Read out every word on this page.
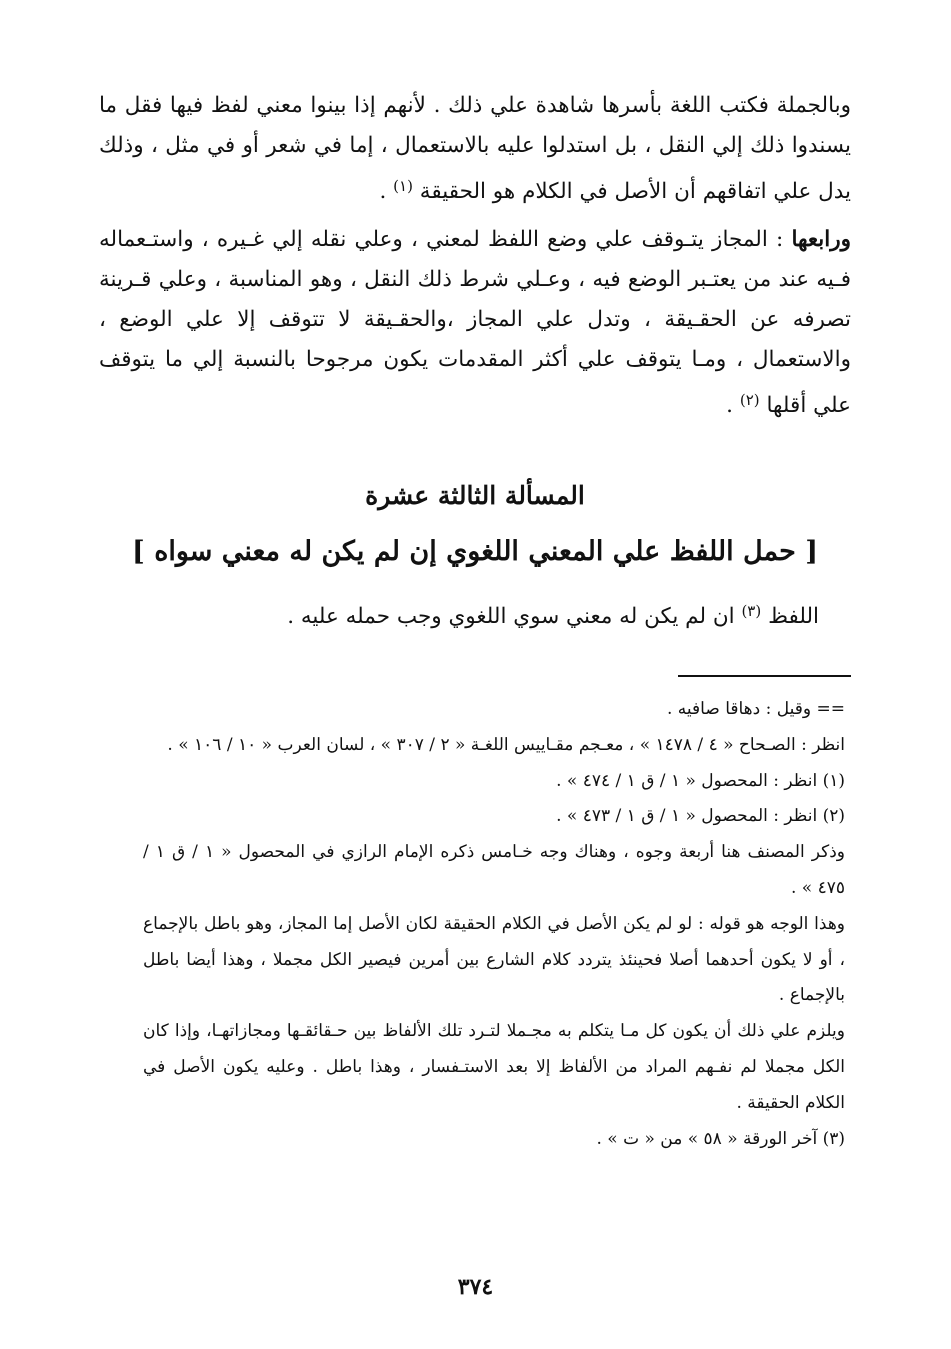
وبالجملة فكتب اللغة بأسرها شاهدة علي ذلك . لأنهم إذا بينوا معني لفظ فيها فقل ما يسندوا ذلك إلي النقل ، بل استدلوا عليه بالاستعمال ، إما في شعر أو في مثل ، وذلك يدل علي اتفاقهم أن الأصل في الكلام هو الحقيقة $^{(١)}$ .

ورابعها : المجاز يتـوقف علي وضع اللفظ لمعني ، وعلي نقله إلي غـيره ، واستـعماله فـيه عند من يعتـبر الوضع فيه ، وعـلي شرط ذلك النقل ، وهو المناسبة ، وعلي قـرينة تصرفه عن الحقـيقة ، وتدل علي المجاز ،والحقـيقة لا تتوقف إلا علي الوضع ، والاستعمال ، ومـا يتوقف علي أكثر المقدمات يكون مرجوحا بالنسبة إلي ما يتوقف علي أقلها $^{(٢)}$ .

المسألة الثالثة عشرة
[ حمل اللفظ علي المعني اللغوي إن لم يكن له معني سواه ]
اللفظ $^{(٣)}$ ان لم يكن له معني سوي اللغوي وجب حمله عليه .

== وقيل : دهاقا صافيه .

انظر : الصـحاح « ٤ / ١٤٧٨ » ، معـجم مقـاييس اللغـة « ٢ / ٣٠٧ » ، لسان العرب « ١٠ / ١٠٦ » .

(١) انظر : المحصول « ١ / ق ١ / ٤٧٤ » .

(٢) انظر : المحصول « ١ / ق ١ / ٤٧٣ » .

وذكر المصنف هنا أربعة وجوه ، وهناك وجه خـامس ذكره الإمام الرازي في المحصول « ١ / ق ١ / ٤٧٥ » .

وهذا الوجه هو قوله : لو لم يكن الأصل في الكلام الحقيقة لكان الأصل إما المجاز، وهو باطل بالإجماع ، أو لا يكون أحدهما أصلا فحينئذ يتردد كلام الشارع بين أمرين فيصير الكل مجملا ، وهذا أيضا باطل بالإجماع .

ويلزم علي ذلك أن يكون كل مـا يتكلم به مجـملا لتـرد تلك الألفاظ بين حـقائقـها ومجازاتهـا، وإذا كان الكل مجملا لم نفـهم المراد من الألفاظ إلا بعد الاستـفسار ، وهذا باطل . وعليه يكون الأصل في الكلام الحقيقة .

(٣) آخر الورقة « ٥٨ » من « ت » .

٣٧٤
